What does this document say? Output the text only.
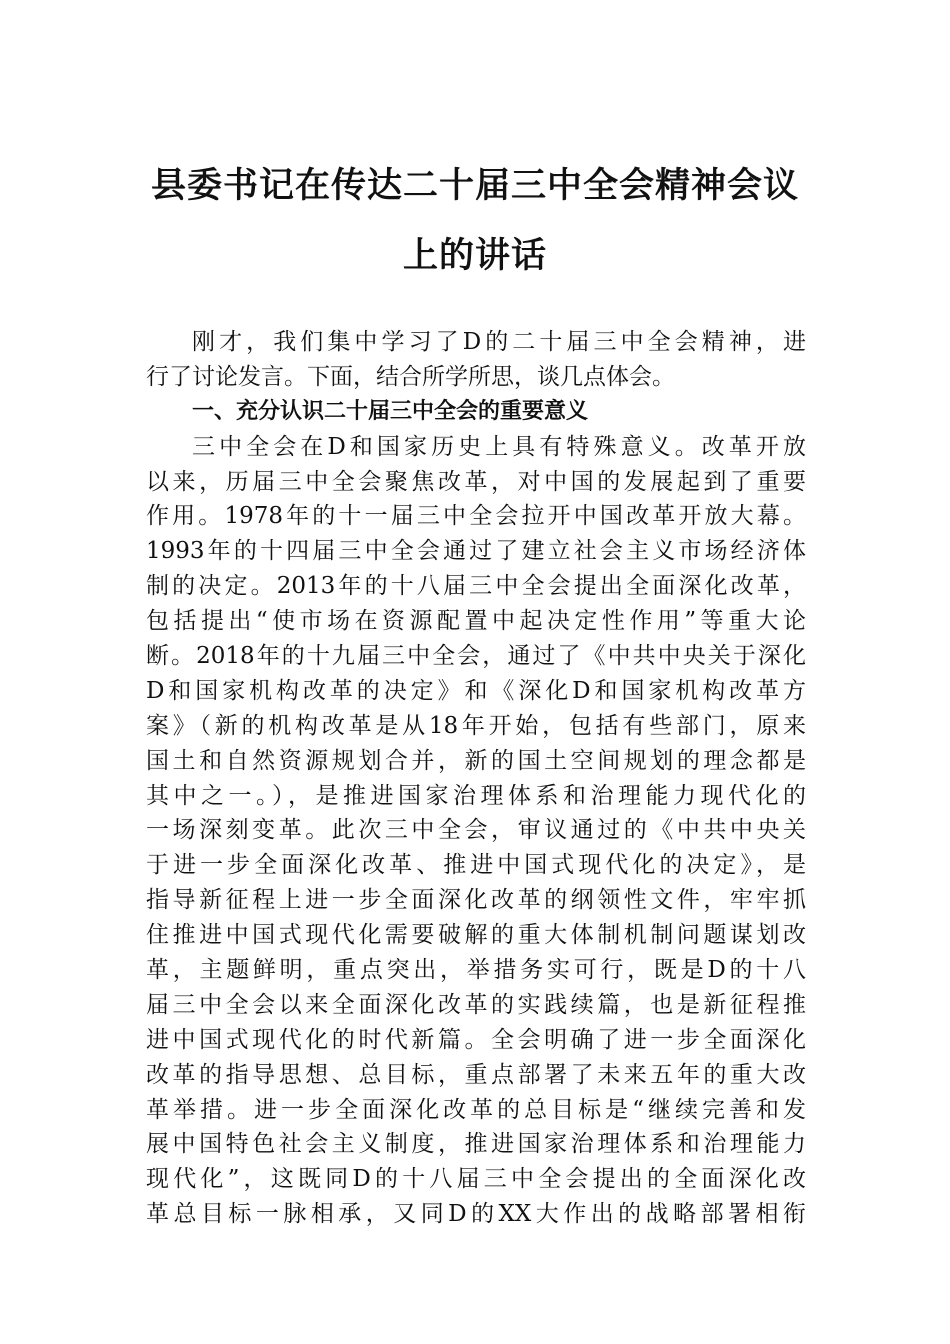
县委书记在传达二十届三中全会精神会议
上的讲话
刚才，我们集中学习了D的二十届三中全会精神，进
行了讨论发言。下面，结合所学所思，谈几点体会。
一、充分认识二十届三中全会的重要意义
三中全会在D和国家历史上具有特殊意义。改革开放
以来，历届三中全会聚焦改革，对中国的发展起到了重要
作用。1978年的十一届三中全会拉开中国改革开放大幕。
1993年的十四届三中全会通过了建立社会主义市场经济体
制的决定。2013年的十八届三中全会提出全面深化改革，
包括提出“使市场在资源配置中起决定性作用”等重大论
断。2018年的十九届三中全会，通过了《中共中央关于深化
D和国家机构改革的决定》和《深化D和国家机构改革方
案》（新的机构改革是从18年开始，包括有些部门，原来
国土和自然资源规划合并，新的国土空间规划的理念都是
其中之一。），是推进国家治理体系和治理能力现代化的
一场深刻变革。此次三中全会，审议通过的《中共中央关
于进一步全面深化改革、推进中国式现代化的决定》，是
指导新征程上进一步全面深化改革的纲领性文件，牢牢抓
住推进中国式现代化需要破解的重大体制机制问题谋划改
革，主题鲜明，重点突出，举措务实可行，既是D的十八
届三中全会以来全面深化改革的实践续篇，也是新征程推
进中国式现代化的时代新篇。全会明确了进一步全面深化
改革的指导思想、总目标，重点部署了未来五年的重大改
革举措。进一步全面深化改革的总目标是“继续完善和发
展中国特色社会主义制度，推进国家治理体系和治理能力
现代化”，这既同D的十八届三中全会提出的全面深化改
革总目标一脉相承，又同D的XX大作出的战略部署相衔
